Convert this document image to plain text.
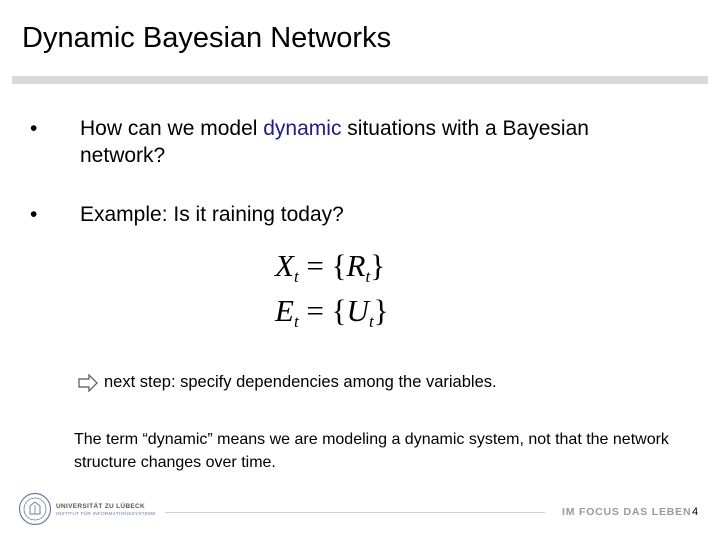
Dynamic Bayesian Networks
• How can we model dynamic situations with a Bayesian network?
• Example: Is it raining today?
$X_t = \{R_t\}$
$E_t = \{U_t\}$
next step: specify dependencies among the variables.
The term “dynamic” means we are modeling a dynamic system, not that the network structure changes over time.
UNIVERSITÄT ZU LÜBECK
INSTITUT FÜR INFORMATIONSSYSTEME	IM FOCUS DAS LEBEN 4
